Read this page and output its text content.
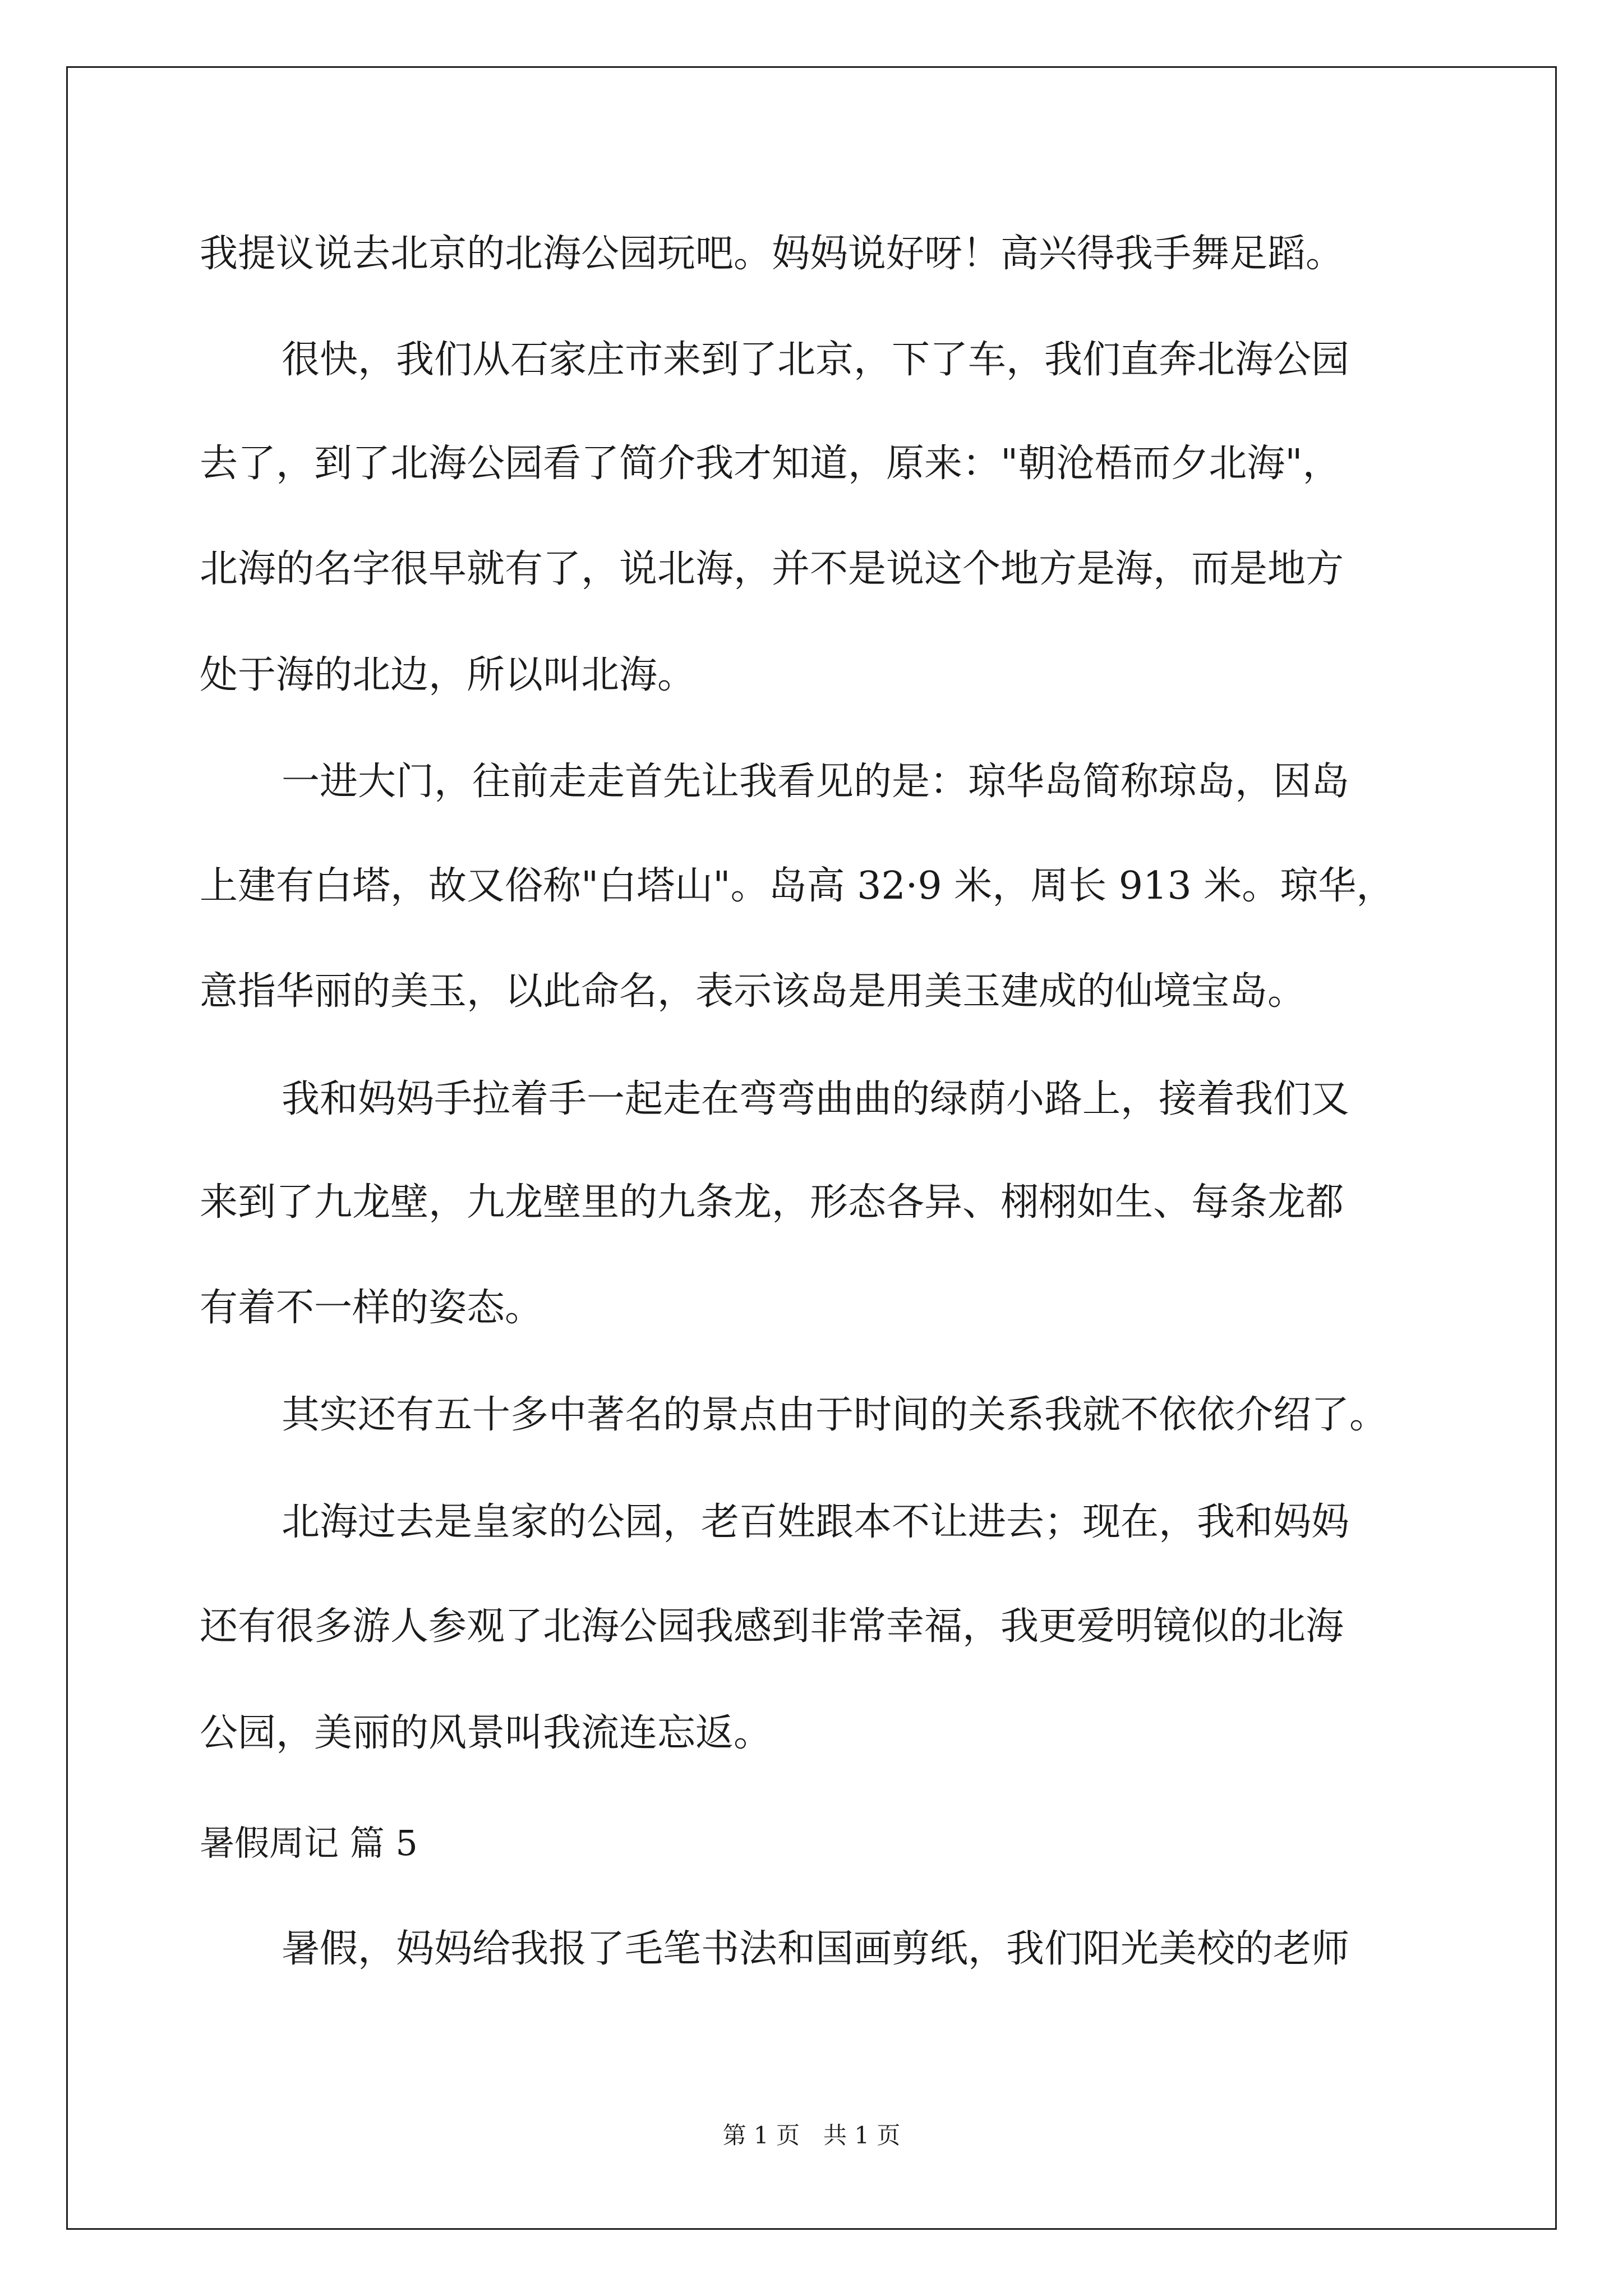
我提议说去北京的北海公园玩吧。妈妈说好呀！高兴得我手舞足蹈。
很快，我们从石家庄市来到了北京，下了车，我们直奔北海公园
去了，到了北海公园看了简介我才知道，原来："朝沧梧而夕北海"，
北海的名字很早就有了，说北海，并不是说这个地方是海，而是地方
处于海的北边，所以叫北海。
一进大门，往前走走首先让我看见的是：琼华岛简称琼岛，因岛
上建有白塔，故又俗称"白塔山"。岛高 32·9 米，周长 913 米。琼华，
意指华丽的美玉，以此命名，表示该岛是用美玉建成的仙境宝岛。
我和妈妈手拉着手一起走在弯弯曲曲的绿荫小路上，接着我们又
来到了九龙壁，九龙壁里的九条龙，形态各异、栩栩如生、每条龙都
有着不一样的姿态。
其实还有五十多中著名的景点由于时间的关系我就不依依介绍了。
北海过去是皇家的公园，老百姓跟本不让进去；现在，我和妈妈
还有很多游人参观了北海公园我感到非常幸福，我更爱明镜似的北海
公园，美丽的风景叫我流连忘返。
暑假周记 篇 5
暑假，妈妈给我报了毛笔书法和国画剪纸，我们阳光美校的老师
第 1 页　共 1 页
